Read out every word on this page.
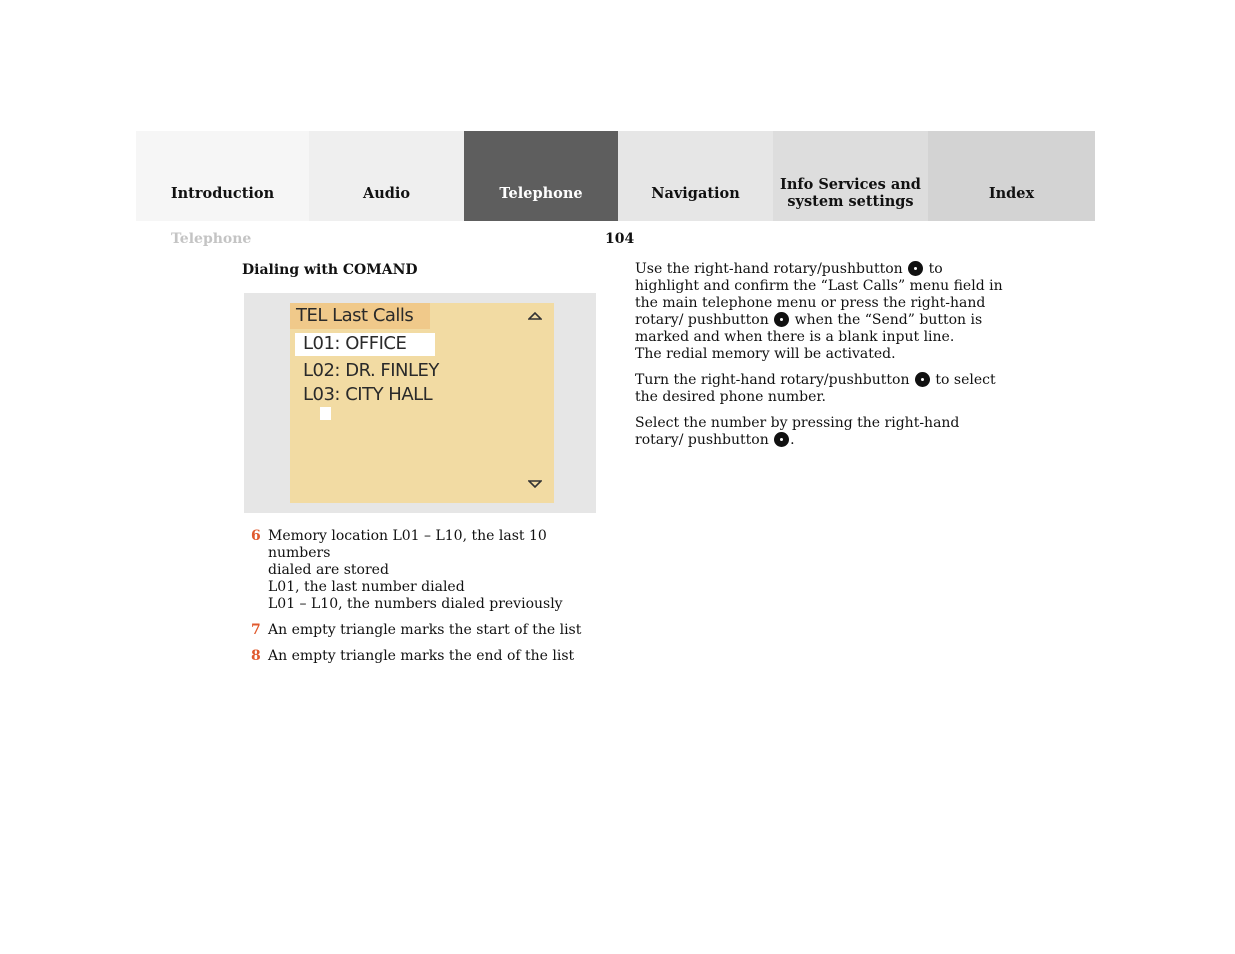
Introduction	Audio	Telephone	Navigation
Info Services and
system settings	Index
Telephone	104
Dialing with COMAND
TEL Last Calls
L01: OFFICE
L02: DR. FINLEY
L03: CITY HALL
6 Memory location L01 – L10, the last 10 numbers
dialed are stored
L01, the last number dialed
L01 – L10, the numbers dialed previously
7 An empty triangle marks the start of the list
8 An empty triangle marks the end of the list

Use the right-hand rotary/pushbutton to highlight and confirm the “Last Calls” menu field in the main telephone menu or press the right-hand rotary/ pushbutton when the “Send” button is marked and when there is a blank input line.
The redial memory will be activated.

Turn the right-hand rotary/pushbutton to select the desired phone number.

Select the number by pressing the right-hand rotary/ pushbutton .
